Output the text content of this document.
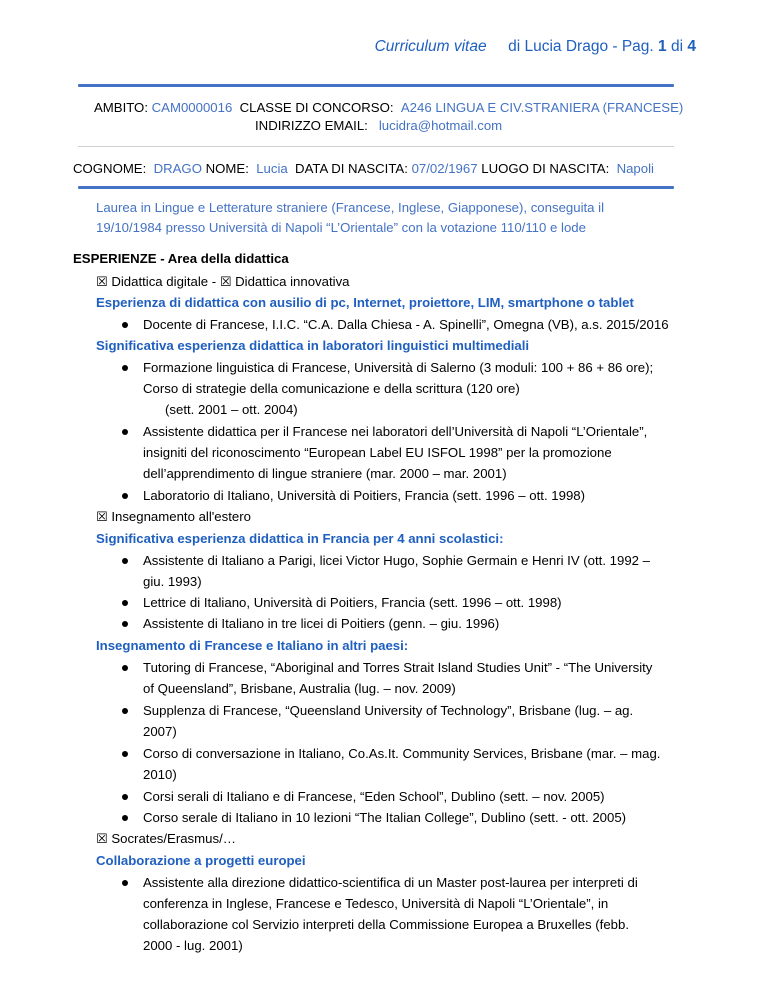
Curriculum vitae di Lucia Drago - Pag. 1 di 4
AMBITO: CAM0000016 CLASSE DI CONCORSO: A246 LINGUA E CIV.STRANIERA (FRANCESE)
INDIRIZZO EMAIL: lucidra@hotmail.com
COGNOME: DRAGO NOME: Lucia DATA DI NASCITA: 07/02/1967 LUOGO DI NASCITA: Napoli
Laurea in Lingue e Letterature straniere (Francese, Inglese, Giapponese), conseguita il
19/10/1984 presso Università di Napoli “L’Orientale” con la votazione 110/110 e lode
ESPERIENZE - Area della didattica
☒ Didattica digitale - ☒ Didattica innovativa
Esperienza di didattica con ausilio di pc, Internet, proiettore, LIM, smartphone o tablet
Docente di Francese, I.I.C. “C.A. Dalla Chiesa - A. Spinelli”, Omegna (VB), a.s. 2015/2016
Significativa esperienza didattica in laboratori linguistici multimediali
Formazione linguistica di Francese, Università di Salerno (3 moduli: 100 + 86 + 86 ore);
Corso di strategie della comunicazione e della scrittura (120 ore)
(sett. 2001 – ott. 2004)
Assistente didattica per il Francese nei laboratori dell’Università di Napoli “L’Orientale”,
insigniti del riconoscimento “European Label EU ISFOL 1998” per la promozione
dell’apprendimento di lingue straniere (mar. 2000 – mar. 2001)
Laboratorio di Italiano, Università di Poitiers, Francia (sett. 1996 – ott. 1998)
☒ Insegnamento all'estero
Significativa esperienza didattica in Francia per 4 anni scolastici:
Assistente di Italiano a Parigi, licei Victor Hugo, Sophie Germain e Henri IV (ott. 1992 –
giu. 1993)
Lettrice di Italiano, Università di Poitiers, Francia (sett. 1996 – ott. 1998)
Assistente di Italiano in tre licei di Poitiers (genn. – giu. 1996)
Insegnamento di Francese e Italiano in altri paesi:
Tutoring di Francese, “Aboriginal and Torres Strait Island Studies Unit” - “The University
of Queensland”, Brisbane, Australia (lug. – nov. 2009)
Supplenza di Francese, “Queensland University of Technology”, Brisbane (lug. – ag.
2007)
Corso di conversazione in Italiano, Co.As.It. Community Services, Brisbane (mar. – mag.
2010)
Corsi serali di Italiano e di Francese, “Eden School”, Dublino (sett. – nov. 2005)
Corso serale di Italiano in 10 lezioni “The Italian College”, Dublino (sett. - ott. 2005)
☒ Socrates/Erasmus/…
Collaborazione a progetti europei
Assistente alla direzione didattico-scientifica di un Master post-laurea per interpreti di
conferenza in Inglese, Francese e Tedesco, Università di Napoli “L’Orientale”, in
collaborazione col Servizio interpreti della Commissione Europea a Bruxelles (febb.
2000 - lug. 2001)
